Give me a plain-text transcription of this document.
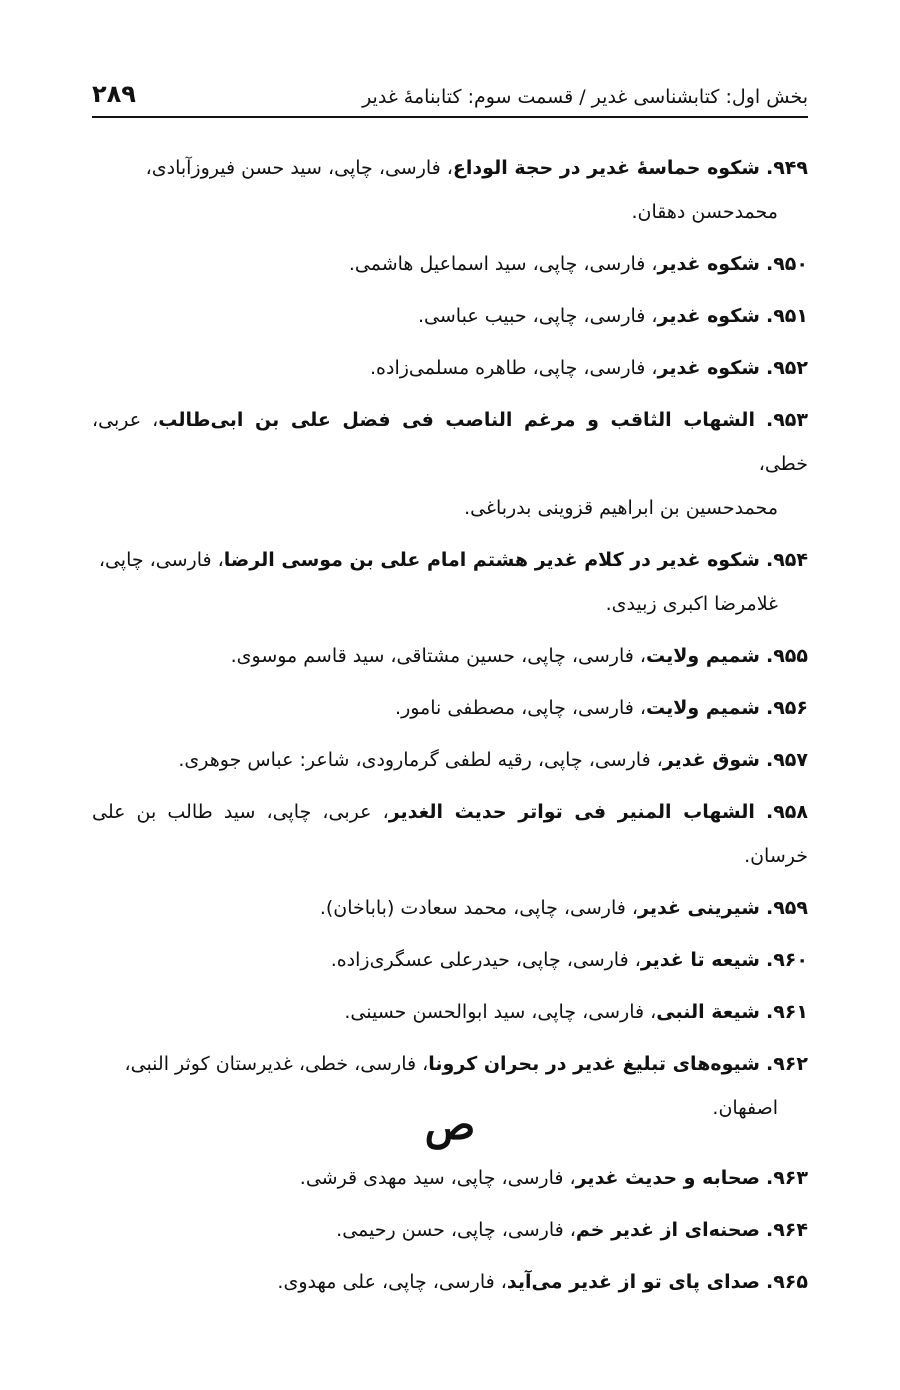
بخش اول: کتابشناسی غدیر / قسمت سوم: کتابنامهٔ غدیر
۲۸۹

۹۴۹. شکوه حماسهٔ غدیر در حجة الوداع، فارسی، چاپی، سید حسن فیروزآبادی،
محمدحسن دهقان.

۹۵۰. شکوه غدیر، فارسی، چاپی، سید اسماعیل هاشمی.

۹۵۱. شکوه غدیر، فارسی، چاپی، حبیب عباسی.

۹۵۲. شکوه غدیر، فارسی، چاپی، طاهره مسلمی‌زاده.

۹۵۳. الشهاب الثاقب و مرغم الناصب فی فضل علی بن ابی‌طالب، عربی، خطی،
محمدحسین بن ابراهیم قزوینی بدرباغی.

۹۵۴. شکوه غدیر در کلام غدیر هشتم امام علی بن موسی الرضا، فارسی، چاپی،
غلامرضا اکبری زبیدی.

۹۵۵. شمیم ولایت، فارسی، چاپی، حسین مشتاقی، سید قاسم موسوی.

۹۵۶. شمیم ولایت، فارسی، چاپی، مصطفی نامور.

۹۵۷. شوق غدیر، فارسی، چاپی، رقیه لطفی گرمارودی، شاعر: عباس جوهری.

۹۵۸. الشهاب المنیر فی تواتر حدیث الغدیر، عربی، چاپی، سید طالب بن علی خرسان.

۹۵۹. شیرینی غدیر، فارسی، چاپی، محمد سعادت (باباخان).

۹۶۰. شیعه تا غدیر، فارسی، چاپی، حیدرعلی عسگری‌زاده.

۹۶۱. شیعة النبی، فارسی، چاپی، سید ابوالحسن حسینی.

۹۶۲. شیوه‌های تبلیغ غدیر در بحران کرونا، فارسی، خطی، غدیرستان کوثر النبی،
اصفهان.

ص

۹۶۳. صحابه و حدیث غدیر، فارسی، چاپی، سید مهدی قرشی.

۹۶۴. صحنه‌ای از غدیر خم، فارسی، چاپی، حسن رحیمی.

۹۶۵. صدای پای تو از غدیر می‌آید، فارسی، چاپی، علی مهدوی.
